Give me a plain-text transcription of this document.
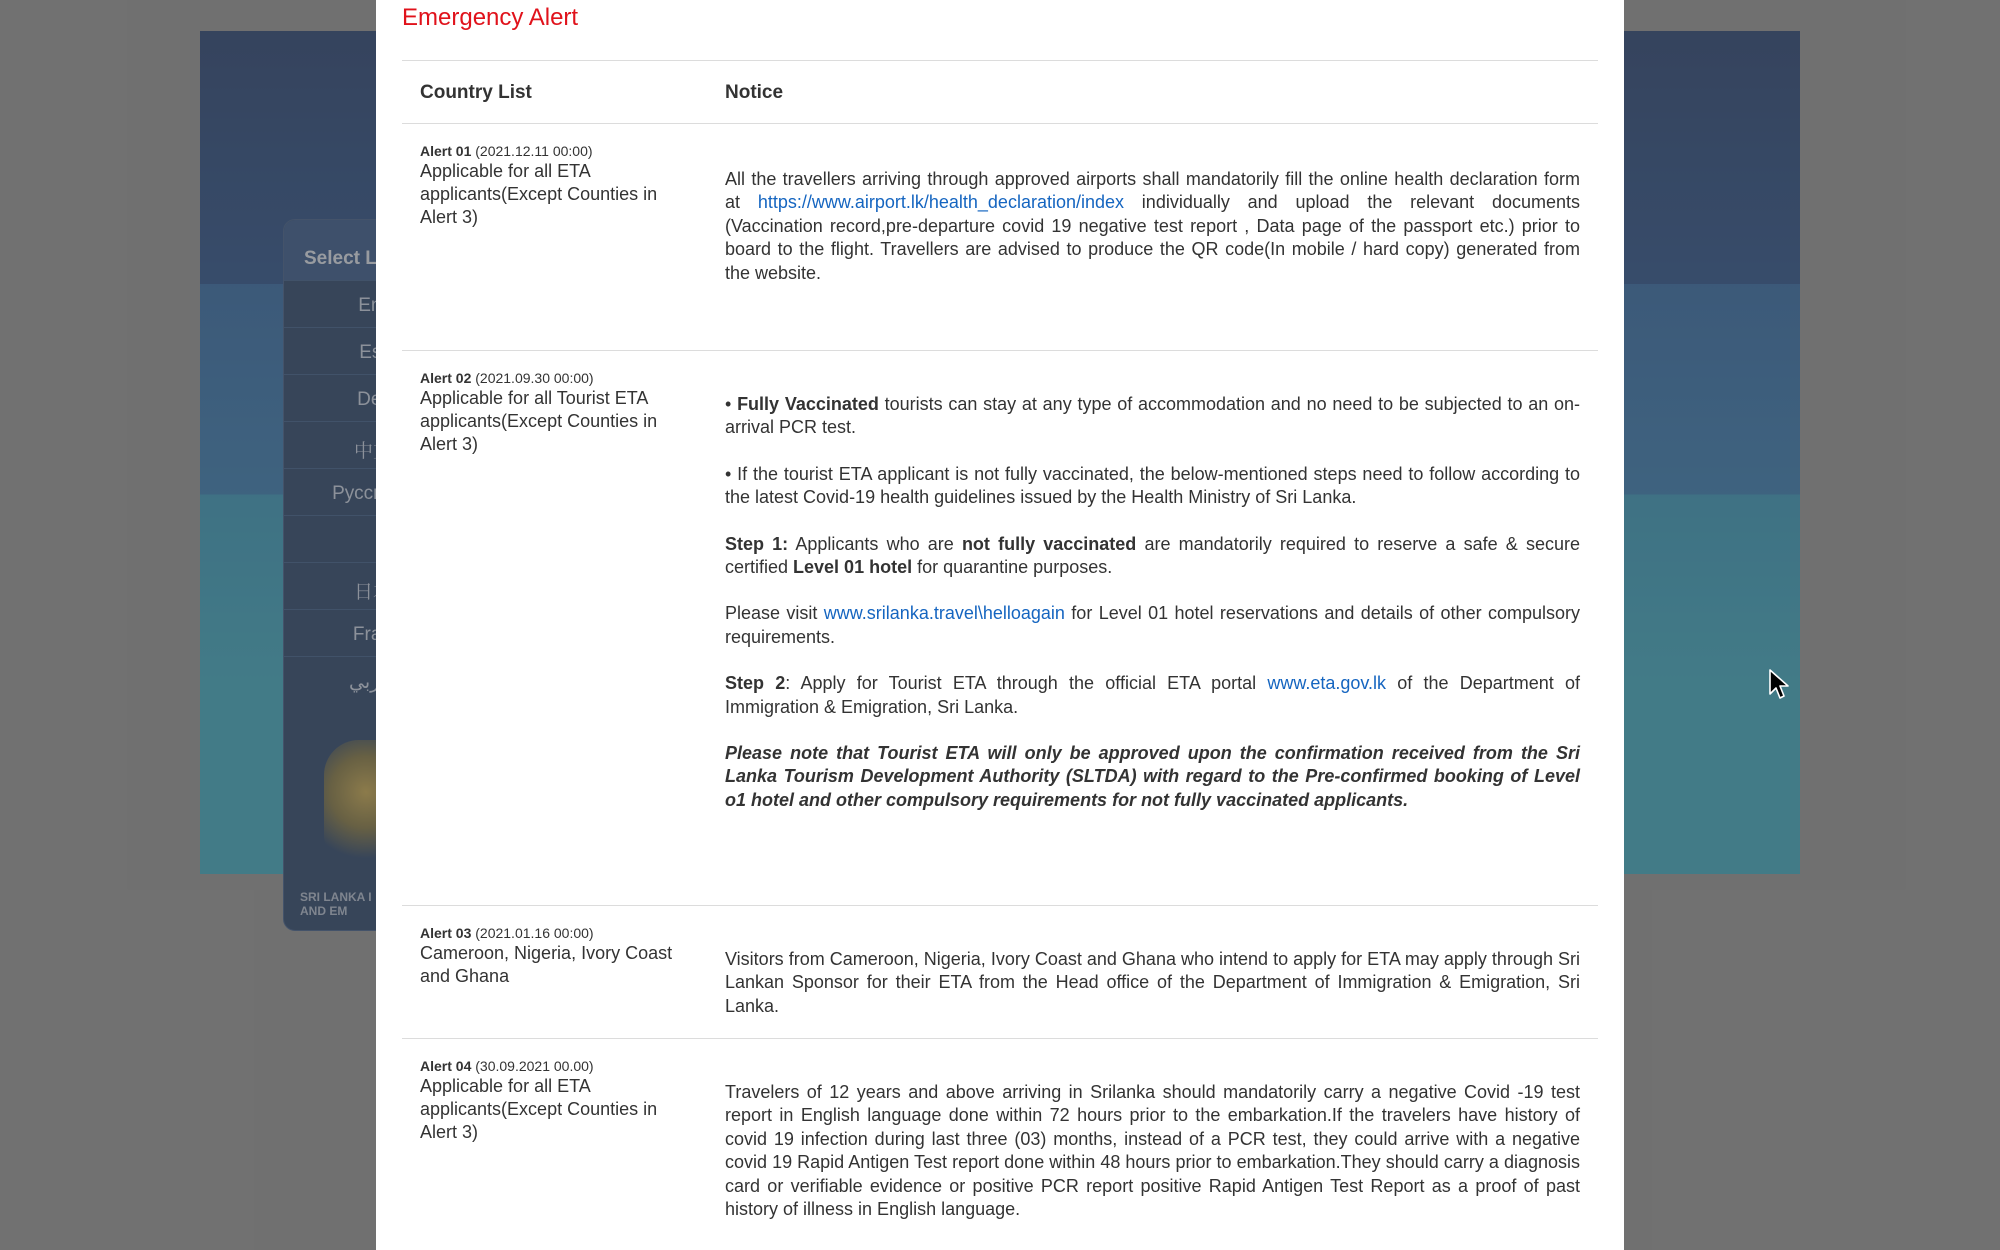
Emergency Alert
Country List	Notice
Alert 01 (2021.12.11 00:00)
Applicable for all ETA applicants(Except Counties in Alert 3)

All the travellers arriving through approved airports shall mandatorily fill the online health declaration form at https://www.airport.lk/health_declaration/index individually and upload the relevant documents (Vaccination record,pre-departure covid 19 negative test report , Data page of the passport etc.) prior to board to the flight. Travellers are advised to produce the QR code(In mobile / hard copy) generated from the website.

Alert 02 (2021.09.30 00:00)
Applicable for all Tourist ETA applicants(Except Counties in Alert 3)

• Fully Vaccinated tourists can stay at any type of accommodation and no need to be subjected to an on-arrival PCR test.

• If the tourist ETA applicant is not fully vaccinated, the below-mentioned steps need to follow according to the latest Covid-19 health guidelines issued by the Health Ministry of Sri Lanka.

Step 1: Applicants who are not fully vaccinated are mandatorily required to reserve a safe & secure certified Level 01 hotel for quarantine purposes.

Please visit www.srilanka.travel\helloagain for Level 01 hotel reservations and details of other compulsory requirements.

Step 2: Apply for Tourist ETA through the official ETA portal www.eta.gov.lk of the Department of Immigration & Emigration, Sri Lanka.

Please note that Tourist ETA will only be approved upon the confirmation received from the Sri Lanka Tourism Development Authority (SLTDA) with regard to the Pre-confirmed booking of Level o1 hotel and other compulsory requirements for not fully vaccinated applicants.

Alert 03 (2021.01.16 00:00)
Cameroon, Nigeria, Ivory Coast and Ghana

Visitors from Cameroon, Nigeria, Ivory Coast and Ghana who intend to apply for ETA may apply through Sri Lankan Sponsor for their ETA from the Head office of the Department of Immigration & Emigration, Sri Lanka.

Alert 04 (30.09.2021 00.00)
Applicable for all ETA applicants(Except Counties in Alert 3)

Travelers of 12 years and above arriving in Srilanka should mandatorily carry a negative Covid -19 test report in English language done within 72 hours prior to the embarkation.If the travelers have history of covid 19 infection during last three (03) months, instead of a PCR test, they could arrive with a negative covid 19 Rapid Antigen Test report done within 48 hours prior to embarkation.They should carry a diagnosis card or verifiable evidence or positive PCR report positive Rapid Antigen Test Report as a proof of past history of illness in English language.
